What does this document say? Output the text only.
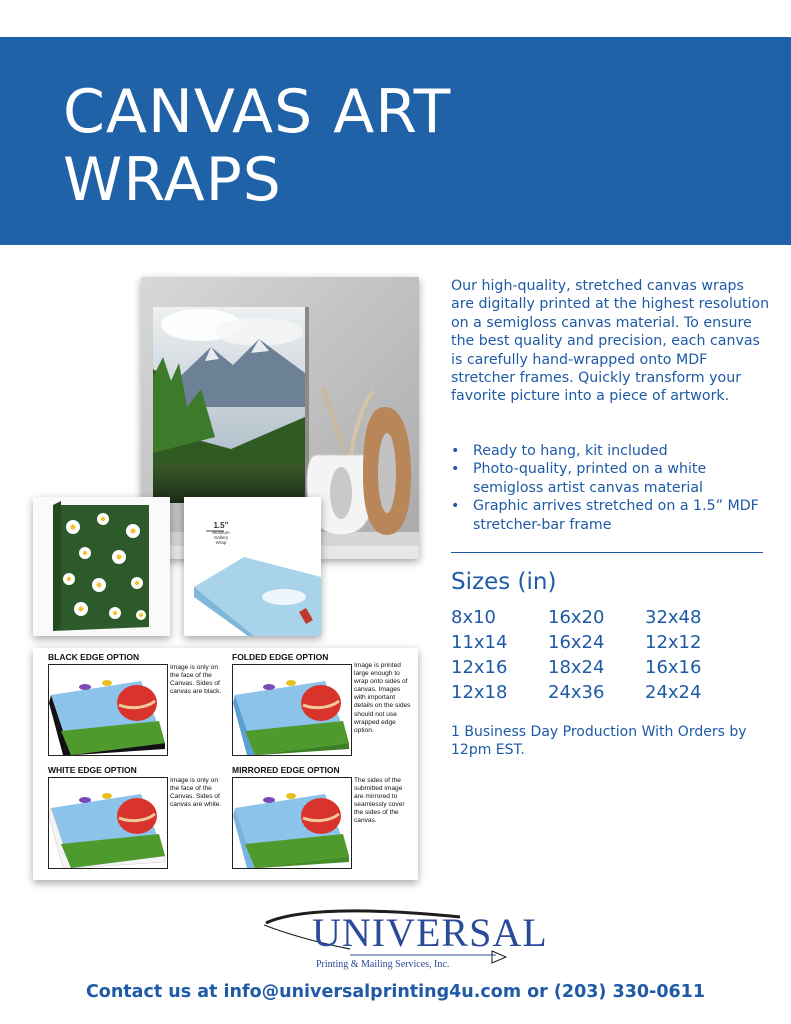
CANVAS ART
WRAPS
1.5”
Museum
Gallery
Wrap
BLACK EDGE OPTION
Image is only on the face of the Canvas. Sides of canvas are black.
FOLDED EDGE OPTION
Image is printed large enough to wrap onto sides of canvas. Images with important details on the sides should not use wrapped edge option.
WHITE EDGE OPTION
Image is only on the face of the Canvas. Sides of canvas are white.
MIRRORED EDGE OPTION
The sides of the submitted image are mirrored to seamlessly cover the sides of the canvas.

Our high-quality, stretched canvas wraps are digitally printed at the highest resolution on a semigloss canvas material. To ensure the best quality and precision, each canvas is carefully hand-wrapped onto MDF stretcher frames. Quickly transform your favorite picture into a piece of artwork.

• Ready to hang, kit included
• Photo-quality, printed on a white semigloss artist canvas material
• Graphic arrives stretched on a 1.5” MDF stretcher-bar frame
Sizes (in)
8x10	16x20	32x48
11x14	16x24	12x12
12x16	18x24	16x16
12x18	24x36	24x24

1 Business Day Production With Orders by 12pm EST.

UNIVERSAL
Printing & Mailing Services, Inc.
Contact us at info@universalprinting4u.com or (203) 330-0611
